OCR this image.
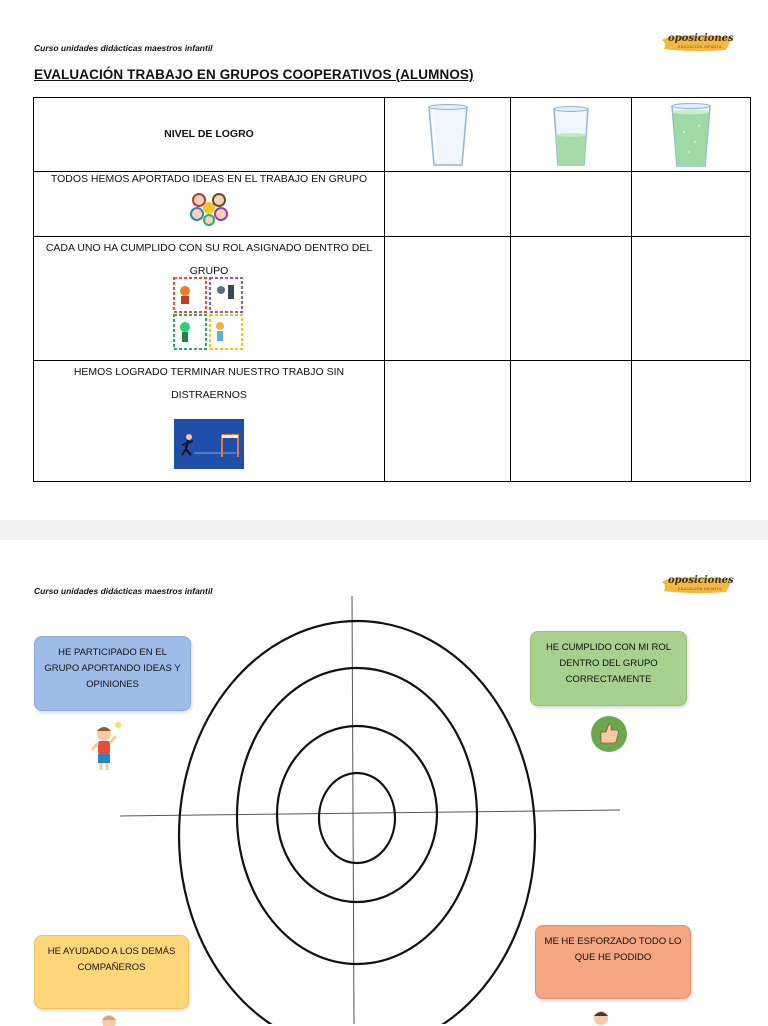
Curso unidades didácticas maestros infantil
oposiciones
EDUCACIÓN INFANTIL
EVALUACIÓN TRABAJO EN GRUPOS COOPERATIVOS (ALUMNOS)
NIVEL DE LOGRO	

TODOS HEMOS APORTADO IDEAS EN EL TRABAJO EN GRUPO			

CADA UNO HA CUMPLIDO CON SU ROL ASIGNADO DENTRO DEL
GRUPO			

HEMOS LOGRADO TERMINAR NUESTRO TRABJO SIN
DISTRAERNOS			

Curso unidades didácticas maestros infantil
oposiciones
EDUCACIÓN INFANTIL
HE PARTICIPADO EN EL GRUPO APORTANDO IDEAS Y OPINIONES
HE CUMPLIDO CON MI ROL DENTRO DEL GRUPO CORRECTAMENTE
HE AYUDADO A LOS DEMÁS COMPAÑEROS
ME HE ESFORZADO TODO LO QUE HE PODIDO
